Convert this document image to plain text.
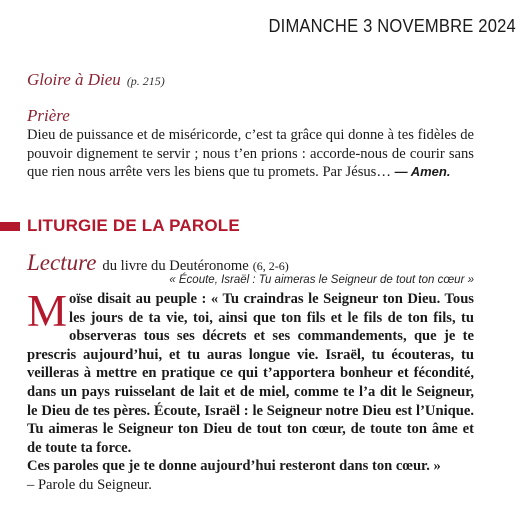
DIMANCHE 3 NOVEMBRE 2024
Gloire à Dieu (p. 215)
Prière
Dieu de puissance et de miséricorde, c’est ta grâce qui donne à tes fidèles de pouvoir dignement te servir ; nous t’en prions : accorde-nous de courir sans que rien nous arrête vers les biens que tu promets. Par Jésus… — Amen.
LITURGIE DE LA PAROLE
Lecture du livre du Deutéronome (6, 2-6)
« Écoute, Israël : Tu aimeras le Seigneur de tout ton cœur »
Moïse disait au peuple : « Tu craindras le Seigneur ton Dieu. Tous les jours de ta vie, toi, ainsi que ton fils et le fils de ton fils, tu observeras tous ses décrets et ses commandements, que je te prescris aujourd’hui, et tu auras longue vie. Israël, tu écouteras, tu veilleras à mettre en pratique ce qui t’apportera bonheur et fécondité, dans un pays ruisselant de lait et de miel, comme te l’a dit le Seigneur, le Dieu de tes pères. Écoute, Israël : le Seigneur notre Dieu est l’Unique. Tu aimeras le Seigneur ton Dieu de tout ton cœur, de toute ton âme et de toute ta force.
Ces paroles que je te donne aujourd’hui resteront dans ton cœur. »
– Parole du Seigneur.
